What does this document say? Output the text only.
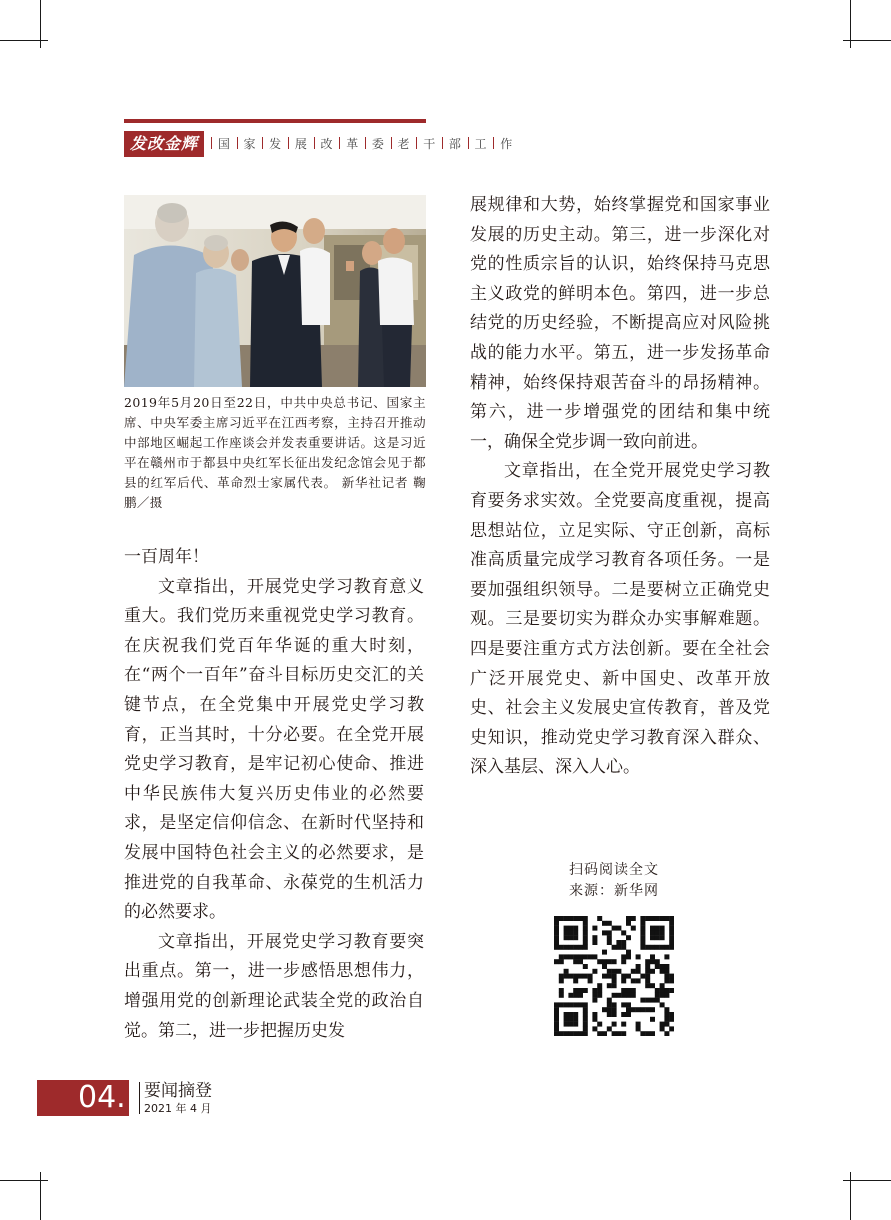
发改金辉	国 家 发 展 改 革 委 老 干 部 工 作
2019年5月20日至22日，中共中央总书记、国家主席、中央军委主席习近平在江西考察，主持召开推动中部地区崛起工作座谈会并发表重要讲话。这是习近平在赣州市于都县中央红军长征出发纪念馆会见于都县的红军后代、革命烈士家属代表。 新华社记者 鞠鹏／摄

一百周年！

文章指出，开展党史学习教育意义重大。我们党历来重视党史学习教育。在庆祝我们党百年华诞的重大时刻，在“两个一百年”奋斗目标历史交汇的关键节点，在全党集中开展党史学习教育，正当其时，十分必要。在全党开展党史学习教育，是牢记初心使命、推进中华民族伟大复兴历史伟业的必然要求，是坚定信仰信念、在新时代坚持和发展中国特色社会主义的必然要求，是推进党的自我革命、永葆党的生机活力的必然要求。

文章指出，开展党史学习教育要突出重点。第一，进一步感悟思想伟力，增强用党的创新理论武装全党的政治自觉。第二，进一步把握历史发

展规律和大势，始终掌握党和国家事业发展的历史主动。第三，进一步深化对党的性质宗旨的认识，始终保持马克思主义政党的鲜明本色。第四，进一步总结党的历史经验，不断提高应对风险挑战的能力水平。第五，进一步发扬革命精神，始终保持艰苦奋斗的昂扬精神。第六，进一步增强党的团结和集中统一，确保全党步调一致向前进。

文章指出，在全党开展党史学习教育要务求实效。全党要高度重视，提高思想站位，立足实际、守正创新，高标准高质量完成学习教育各项任务。一是要加强组织领导。二是要树立正确党史观。三是要切实为群众办实事解难题。四是要注重方式方法创新。要在全社会广泛开展党史、新中国史、改革开放史、社会主义发展史宣传教育，普及党史知识，推动党史学习教育深入群众、深入基层、深入人心。

扫码阅读全文
来源：新华网
04.	要闻摘登
2021 年 4 月
